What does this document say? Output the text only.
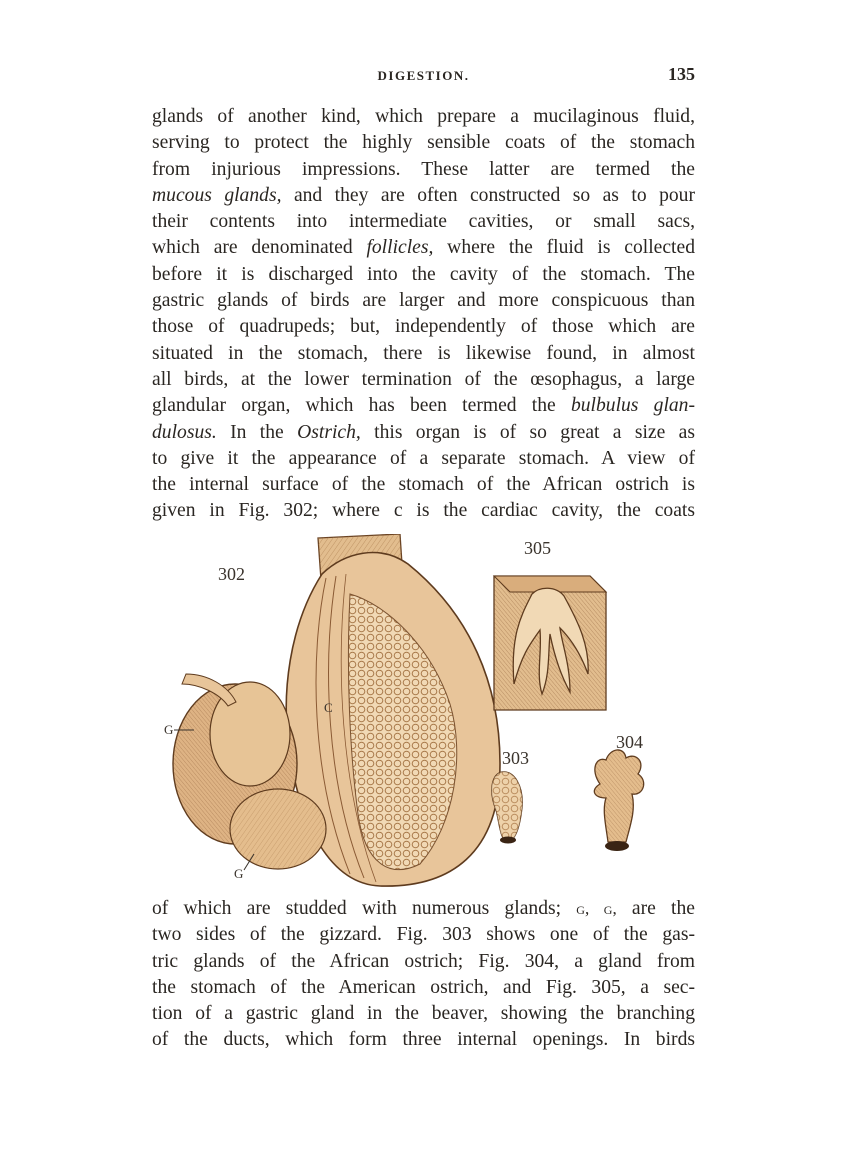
DIGESTION.	135
glands of another kind, which prepare a mucilaginous fluid,
serving to protect the highly sensible coats of the stomach
from injurious impressions. These latter are termed the
mucous glands, and they are often constructed so as to pour
their contents into intermediate cavities, or small sacs,
which are denominated follicles, where the fluid is collected
before it is discharged into the cavity of the stomach. The
gastric glands of birds are larger and more conspicuous than
those of quadrupeds; but, independently of those which are
situated in the stomach, there is likewise found, in almost
all birds, at the lower termination of the œsophagus, a large
glandular organ, which has been termed the bulbulus glan-
dulosus. In the Ostrich, this organ is of so great a size as
to give it the appearance of a separate stomach. A view of
the internal surface of the stomach of the African ostrich is
given in Fig. 302; where c is the cardiac cavity, the coats
302
305
303
304
C
G
G
of which are studded with numerous glands; g, g, are the
two sides of the gizzard. Fig. 303 shows one of the gas-
tric glands of the African ostrich; Fig. 304, a gland from
the stomach of the American ostrich, and Fig. 305, a sec-
tion of a gastric gland in the beaver, showing the branching
of the ducts, which form three internal openings. In birds
